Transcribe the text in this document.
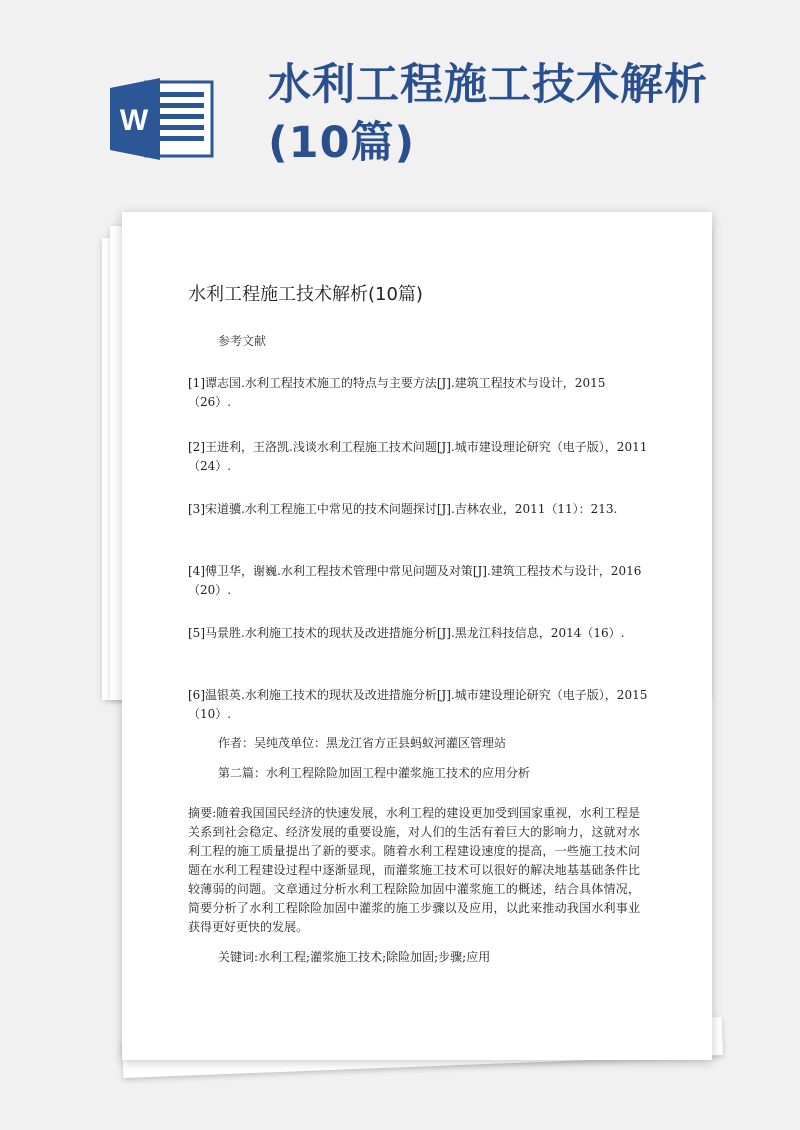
W
水利工程施工技术解析(10篇)
水利工程施工技术解析(10篇)
参考文献
[1]谭志国.水利工程技术施工的特点与主要方法[J].建筑工程技术与设计，2015（26）.
[2]王进利，王洛凯.浅谈水利工程施工技术问题[J].城市建设理论研究（电子版），2011（24）.
[3]宋道骥.水利工程施工中常见的技术问题探讨[J].吉林农业，2011（11）：213.
[4]傅卫华，谢巍.水利工程技术管理中常见问题及对策[J].建筑工程技术与设计，2016（20）.
[5]马景胜.水利施工技术的现状及改进措施分析[J].黑龙江科技信息，2014（16）.
[6]温银英.水利施工技术的现状及改进措施分析[J].城市建设理论研究（电子版），2015（10）.
作者：吴纯茂单位：黑龙江省方正县蚂蚁河灌区管理站
第二篇：水利工程除险加固工程中灌浆施工技术的应用分析
摘要:随着我国国民经济的快速发展，水利工程的建设更加受到国家重视，水利工程是关系到社会稳定、经济发展的重要设施，对人们的生活有着巨大的影响力，这就对水利工程的施工质量提出了新的要求。随着水利工程建设速度的提高，一些施工技术问题在水利工程建设过程中逐渐显现，而灌浆施工技术可以很好的解决地基基础条件比较薄弱的问题。文章通过分析水利工程除险加固中灌浆施工的概述，结合具体情况，简要分析了水利工程除险加固中灌浆的施工步骤以及应用，以此来推动我国水利事业获得更好更快的发展。
关键词:水利工程;灌浆施工技术;除险加固;步骤;应用
